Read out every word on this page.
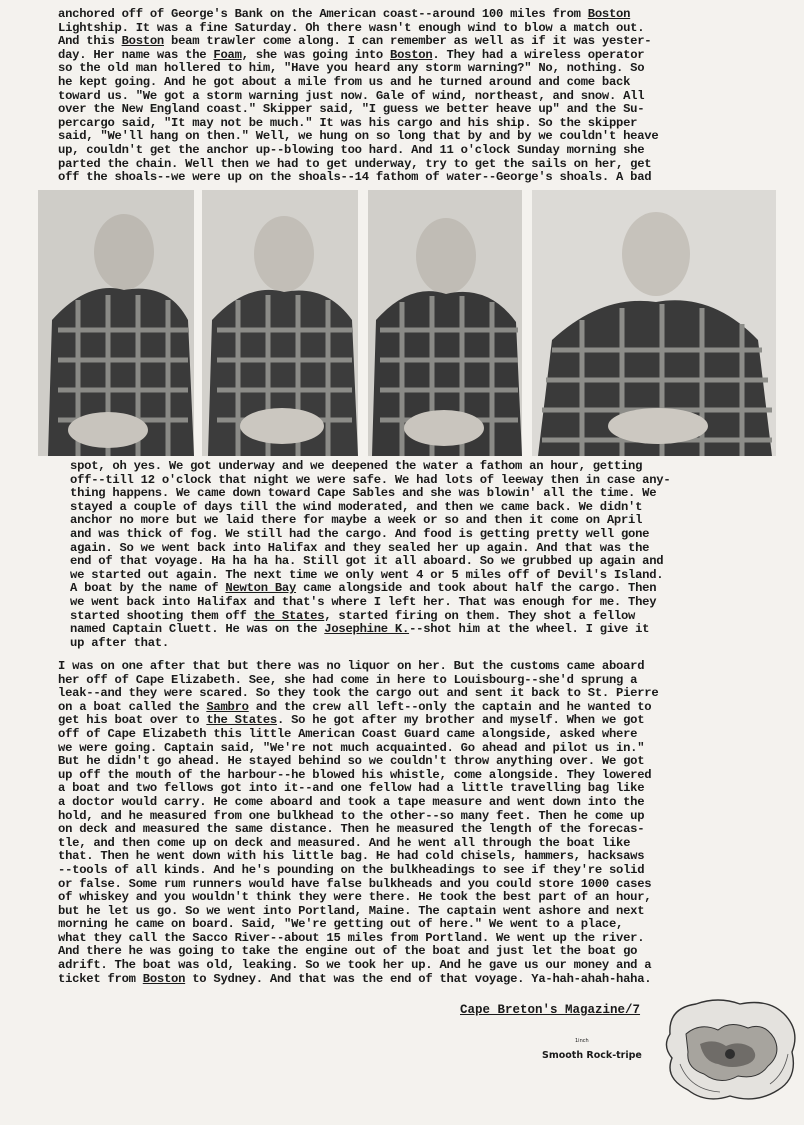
anchored off of George's Bank on the American coast--around 100 miles from Boston
Lightship. It was a fine Saturday. Oh there wasn't enough wind to blow a match out.
And this Boston beam trawler come along. I can remember as well as if it was yester-
day. Her name was the Foam, she was going into Boston. They had a wireless operator
so the old man hollered to him, "Have you heard any storm warning?" No, nothing. So
he kept going. And he got about a mile from us and he turned around and come back
toward us. "We got a storm warning just now. Gale of wind, northeast, and snow. All
over the New England coast." Skipper said, "I guess we better heave up" and the Su-
percargo said, "It may not be much." It was his cargo and his ship. So the skipper
said, "We'll hang on then." Well, we hung on so long that by and by we couldn't heave
up, couldn't get the anchor up--blowing too hard. And 11 o'clock Sunday morning she
parted the chain. Well then we had to get underway, try to get the sails on her, get
off the shoals--we were up on the shoals--14 fathom of water--George's shoals. A bad
spot, oh yes. We got underway and we deepened the water a fathom an hour, getting
off--till 12 o'clock that night we were safe. We had lots of leeway then in case any-
thing happens. We came down toward Cape Sables and she was blowin' all the time. We
stayed a couple of days till the wind moderated, and then we came back. We didn't
anchor no more but we laid there for maybe a week or so and then it come on April
and was thick of fog. We still had the cargo. And food is getting pretty well gone
again. So we went back into Halifax and they sealed her up again. And that was the
end of that voyage. Ha ha ha ha. Still got it all aboard. So we grubbed up again and
we started out again. The next time we only went 4 or 5 miles off of Devil's Island.
A boat by the name of Newton Bay came alongside and took about half the cargo. Then
we went back into Halifax and that's where I left her. That was enough for me. They
started shooting them off the States, started firing on them. They shot a fellow
named Captain Cluett. He was on the Josephine K.--shot him at the wheel. I give it
up after that.
I was on one after that but there was no liquor on her. But the customs came aboard
her off of Cape Elizabeth. See, she had come in here to Louisbourg--she'd sprung a
leak--and they were scared. So they took the cargo out and sent it back to St. Pierre
on a boat called the Sambro and the crew all left--only the captain and he wanted to
get his boat over to the States. So he got after my brother and myself. When we got
off of Cape Elizabeth this little American Coast Guard came alongside, asked where
we were going. Captain said, "We're not much acquainted. Go ahead and pilot us in."
But he didn't go ahead. He stayed behind so we couldn't throw anything over. We got
up off the mouth of the harbour--he blowed his whistle, come alongside. They lowered
a boat and two fellows got into it--and one fellow had a little travelling bag like
a doctor would carry. He come aboard and took a tape measure and went down into the
hold, and he measured from one bulkhead to the other--so many feet. Then he come up
on deck and measured the same distance. Then he measured the length of the forecas-
tle, and then come up on deck and measured. And he went all through the boat like
that. Then he went down with his little bag. He had cold chisels, hammers, hacksaws
--tools of all kinds. And he's pounding on the bulkheadings to see if they're solid
or false. Some rum runners would have false bulkheads and you could store 1000 cases
of whiskey and you wouldn't think they were there. He took the best part of an hour,
but he let us go. So we went into Portland, Maine. The captain went ashore and next
morning he came on board. Said, "We're getting out of here." We went to a place,
what they call the Sacco River--about 15 miles from Portland. We went up the river.
And there he was going to take the engine out of the boat and just let the boat go
adrift. The boat was old, leaking. So we took her up. And he gave us our money and a
ticket from Boston to Sydney. And that was the end of that voyage. Ya-hah-ahah-haha.
Cape Breton's Magazine/7
1inch
Smooth Rock-tripe
